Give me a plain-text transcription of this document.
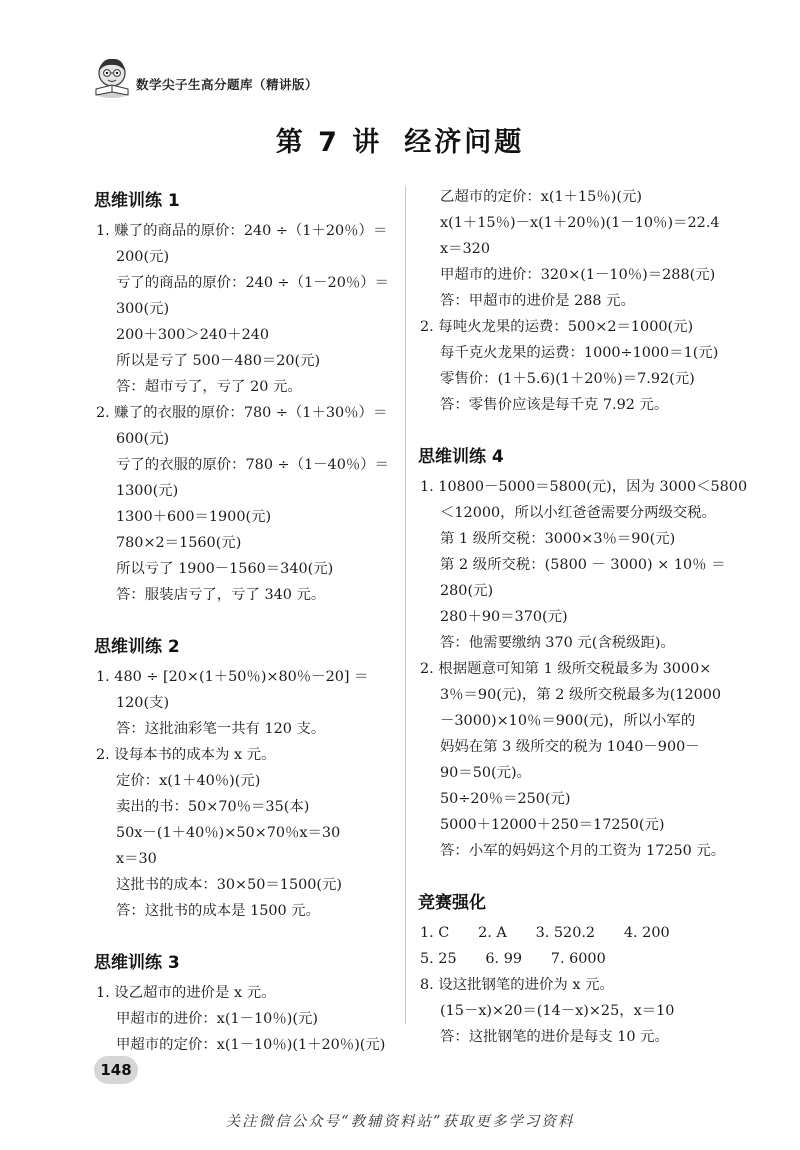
数学尖子生高分题库（精讲版）
第 7 讲 经济问题
思维训练 1
1. 赚了的商品的原价：240 ÷（1＋20％）＝
200(元)
亏了的商品的原价：240 ÷（1－20％）＝
300(元)
200＋300＞240＋240
所以是亏了 500－480＝20(元)
答：超市亏了，亏了 20 元。
2. 赚了的衣服的原价：780 ÷（1＋30％）＝
600(元)
亏了的衣服的原价：780 ÷（1－40％）＝
1300(元)
1300＋600＝1900(元)
780×2＝1560(元)
所以亏了 1900－1560＝340(元)
答：服装店亏了，亏了 340 元。
思维训练 2
1. 480 ÷ [20×(1＋50％)×80％－20] ＝
120(支)
答：这批油彩笔一共有 120 支。
2. 设每本书的成本为 x 元。
定价：x(1＋40％)(元)
卖出的书：50×70％＝35(本)
50x－(1＋40％)×50×70％x＝30
x＝30
这批书的成本：30×50＝1500(元)
答：这批书的成本是 1500 元。
思维训练 3
1. 设乙超市的进价是 x 元。
甲超市的进价：x(1－10％)(元)
甲超市的定价：x(1－10％)(1＋20％)(元)
乙超市的定价：x(1＋15％)(元)
x(1＋15％)－x(1＋20％)(1－10％)＝22.4
x＝320
甲超市的进价：320×(1－10％)＝288(元)
答：甲超市的进价是 288 元。
2. 每吨火龙果的运费：500×2＝1000(元)
每千克火龙果的运费：1000÷1000＝1(元)
零售价：(1＋5.6)(1＋20％)＝7.92(元)
答：零售价应该是每千克 7.92 元。
思维训练 4
1. 10800－5000＝5800(元)，因为 3000＜5800
＜12000，所以小红爸爸需要分两级交税。
第 1 级所交税：3000×3％＝90(元)
第 2 级所交税：(5800 － 3000) × 10％ ＝
280(元)
280＋90＝370(元)
答：他需要缴纳 370 元(含税级距)。
2. 根据题意可知第 1 级所交税最多为 3000×
3％＝90(元)，第 2 级所交税最多为(12000
－3000)×10％＝900(元)，所以小军的
妈妈在第 3 级所交的税为 1040－900－
90＝50(元)。
50÷20％＝250(元)
5000＋12000＋250＝17250(元)
答：小军的妈妈这个月的工资为 17250 元。
竞赛强化
1. C　　2. A　　3. 520.2　　4. 200
5. 25　　6. 99　　7. 6000
8. 设这批钢笔的进价为 x 元。
(15－x)×20＝(14－x)×25，x＝10
答：这批钢笔的进价是每支 10 元。
148
关注微信公众号“教辅资料站”获取更多学习资料
